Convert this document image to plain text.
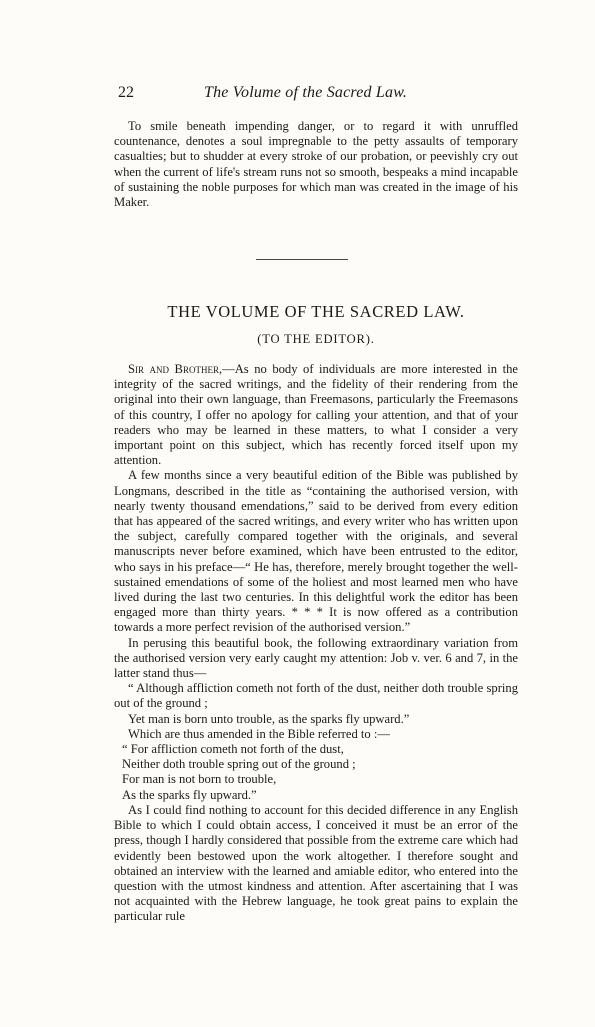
22	The Volume of the Sacred Law.

To smile beneath impending danger, or to regard it with unruffled countenance, denotes a soul impregnable to the petty assaults of temporary casualties; but to shudder at every stroke of our probation, or peevishly cry out when the current of life's stream runs not so smooth, bespeaks a mind incapable of sustaining the noble purposes for which man was created in the image of his Maker.

THE VOLUME OF THE SACRED LAW.
(TO THE EDITOR).

Sir and Brother,—As no body of individuals are more interested in the integrity of the sacred writings, and the fidelity of their rendering from the original into their own language, than Freemasons, particularly the Freemasons of this country, I offer no apology for calling your attention, and that of your readers who may be learned in these matters, to what I consider a very important point on this subject, which has recently forced itself upon my attention.

A few months since a very beautiful edition of the Bible was published by Longmans, described in the title as “containing the authorised version, with nearly twenty thousand emendations,” said to be derived from every edition that has appeared of the sacred writings, and every writer who has written upon the subject, carefully compared together with the originals, and several manuscripts never before examined, which have been entrusted to the editor, who says in his preface—“ He has, therefore, merely brought together the well-sustained emendations of some of the holiest and most learned men who have lived during the last two centuries. In this delightful work the editor has been engaged more than thirty years. * * * It is now offered as a contribution towards a more perfect revision of the authorised version.”

In perusing this beautiful book, the following extraordinary variation from the authorised version very early caught my attention: Job v. ver. 6 and 7, in the latter stand thus—

“ Although affliction cometh not forth of the dust, neither doth trouble spring out of the ground ;

Yet man is born unto trouble, as the sparks fly upward.”

Which are thus amended in the Bible referred to :—

“ For affliction cometh not forth of the dust,
Neither doth trouble spring out of the ground ;
For man is not born to trouble,
As the sparks fly upward.”

As I could find nothing to account for this decided difference in any English Bible to which I could obtain access, I conceived it must be an error of the press, though I hardly considered that possible from the extreme care which had evidently been bestowed upon the work altogether. I therefore sought and obtained an interview with the learned and amiable editor, who entered into the question with the utmost kindness and attention. After ascertaining that I was not acquainted with the Hebrew language, he took great pains to explain the particular rule
